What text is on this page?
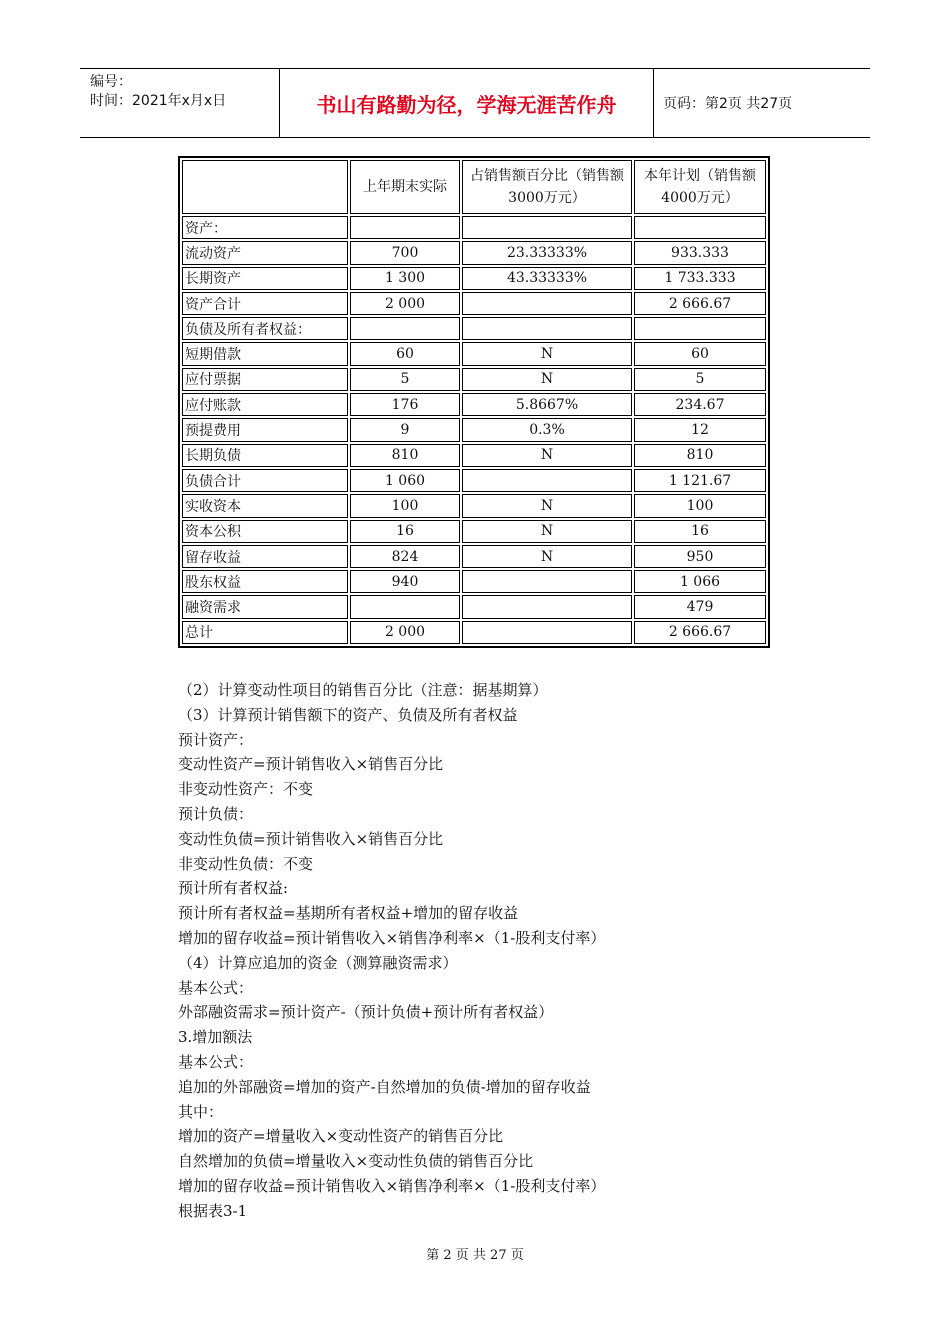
编号：
时间：2021年x月x日	书山有路勤为径，学海无涯苦作舟	页码：第2页 共27页
	上年期末实际	占销售额百分比（销售额3000万元）	本年计划（销售额4000万元）
资产：			
流动资产	700	23.33333%	933.333
长期资产	1 300	43.33333%	1 733.333
资产合计	2 000		2 666.67
负债及所有者权益：			
短期借款	60	N	60
应付票据	5	N	5
应付账款	176	5.8667%	234.67
预提费用	9	0.3%	12
长期负债	810	N	810
负债合计	1 060		1 121.67
实收资本	100	N	100
资本公积	16	N	16
留存收益	824	N	950
股东权益	940		1 066
融资需求			479
总计	2 000		2 666.67
（2）计算变动性项目的销售百分比（注意：据基期算）
（3）计算预计销售额下的资产、负债及所有者权益
预计资产：
变动性资产=预计销售收入×销售百分比
非变动性资产：不变
预计负债：
变动性负债=预计销售收入×销售百分比
非变动性负债：不变
预计所有者权益:
预计所有者权益=基期所有者权益+增加的留存收益
增加的留存收益=预计销售收入×销售净利率×（1-股利支付率）
（4）计算应追加的资金（测算融资需求）
基本公式：
外部融资需求=预计资产-（预计负债+预计所有者权益）
3.增加额法
基本公式：
追加的外部融资=增加的资产-自然增加的负债-增加的留存收益
其中：
增加的资产=增量收入×变动性资产的销售百分比
自然增加的负债=增量收入×变动性负债的销售百分比
增加的留存收益=预计销售收入×销售净利率×（1-股利支付率）
根据表3-1
第 2 页 共 27 页
